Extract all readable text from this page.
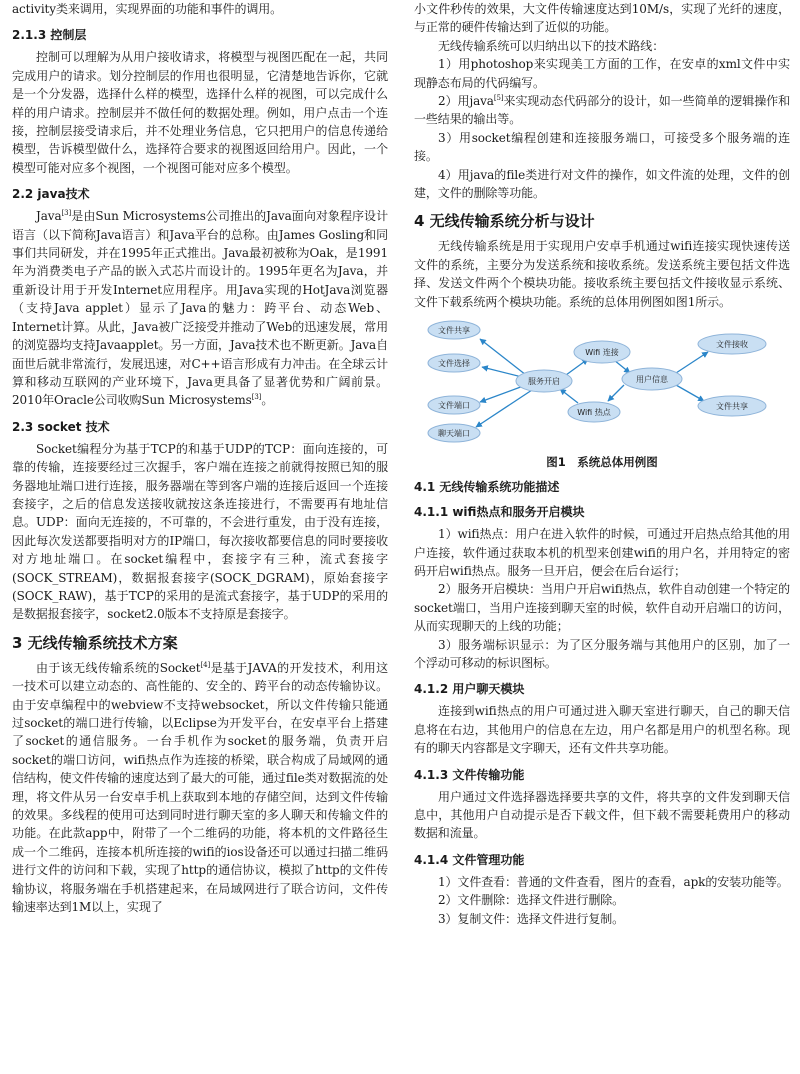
activity类来调用，实现界面的功能和事件的调用。

2.1.3 控制层

控制可以理解为从用户接收请求，将模型与视图匹配在一起，共同完成用户的请求。划分控制层的作用也很明显，它清楚地告诉你，它就是一个分发器，选择什么样的模型，选择什么样的视图，可以完成什么样的用户请求。控制层并不做任何的数据处理。例如，用户点击一个连接，控制层接受请求后，并不处理业务信息，它只把用户的信息传递给模型，告诉模型做什么，选择符合要求的视图返回给用户。因此，一个模型可能对应多个视图，一个视图可能对应多个模型。

2.2 java技术

Java[3]是由Sun Microsystems公司推出的Java面向对象程序设计语言（以下简称Java语言）和Java平台的总称。由James Gosling和同事们共同研发，并在1995年正式推出。Java最初被称为Oak，是1991年为消费类电子产品的嵌入式芯片而设计的。1995年更名为Java，并重新设计用于开发Internet应用程序。用Java实现的HotJava浏览器（支持Java applet）显示了Java的魅力：跨平台、动态Web、Internet计算。从此，Java被广泛接受并推动了Web的迅速发展，常用的浏览器均支持Javaapplet。另一方面，Java技术也不断更新。Java自面世后就非常流行，发展迅速，对C++语言形成有力冲击。在全球云计算和移动互联网的产业环境下，Java更具备了显著优势和广阔前景。2010年Oracle公司收购Sun Microsystems[3]。

2.3 socket 技术

Socket编程分为基于TCP的和基于UDP的TCP：面向连接的，可靠的传输，连接要经过三次握手，客户端在连接之前就得按照已知的服务器地址端口进行连接，服务器端在等到客户端的连接后返回一个连接套接字，之后的信息发送接收就按这条连接进行，不需要再有地址信息。UDP：面向无连接的，不可靠的，不会进行重发，由于没有连接，因此每次发送都要指明对方的IP端口，每次接收都要信息的同时要接收对方地址端口。在socket编程中，套接字有三种，流式套接字(SOCK_STREAM)，数据报套接字(SOCK_DGRAM)，原始套接字(SOCK_RAW)，基于TCP的采用的是流式套接字，基于UDP的采用的是数据报套接字，socket2.0版本不支持原是套接字。

3 无线传输系统技术方案

由于该无线传输系统的Socket[4]是基于JAVA的开发技术，利用这一技术可以建立动态的、高性能的、安全的、跨平台的动态传输协议。由于安卓编程中的webview不支持websocket，所以文件传输只能通过socket的端口进行传输，以Eclipse为开发平台，在安卓平台上搭建了socket的通信服务。一台手机作为socket的服务端，负责开启socket的端口访问，wifi热点作为连接的桥梁，联合构成了局域网的通信结构，使文件传输的速度达到了最大的可能，通过file类对数据流的处理，将文件从另一台安卓手机上获取到本地的存储空间，达到文件传输的效果。多线程的使用可达到同时进行聊天室的多人聊天和传输文件的功能。在此款app中，附带了一个二维码的功能，将本机的文件路径生成一个二维码，连接本机所连接的wifi的ios设备还可以通过扫描二维码进行文件的访问和下载，实现了http的通信协议，模拟了http的文件传输协议，将服务端在手机搭建起来，在局域网进行了联合访问，文件传输速率达到1M以上，实现了

小文件秒传的效果，大文件传输速度达到10M/s，实现了光纤的速度，与正常的硬件传输达到了近似的功能。

无线传输系统可以归纳出以下的技术路线：

1）用photoshop来实现美工方面的工作，在安卓的xml文件中实现静态布局的代码编写。

2）用java[5]来实现动态代码部分的设计，如一些简单的逻辑操作和一些结果的输出等。

3）用socket编程创建和连接服务端口，可接受多个服务端的连接。

4）用java的file类进行对文件的操作，如文件流的处理，文件的创建，文件的删除等功能。

4 无线传输系统分析与设计

无线传输系统是用于实现用户安卓手机通过wifi连接实现快速传送文件的系统，主要分为发送系统和接收系统。发送系统主要包括文件选择、发送文件两个个模块功能。接收系统主要包括文件接收显示系统、文件下载系统两个模块功能。系统的总体用例图如图1所示。

文件共享
文件选择
文件端口
聊天端口
服务开启
Wifi 连接
Wifi 热点
用户信息
文件接收
文件共享
图1　系统总体用例图
4.1 无线传输系统功能描述
4.1.1 wifi热点和服务开启模块

1）wifi热点：用户在进入软件的时候，可通过开启热点给其他的用户连接，软件通过获取本机的机型来创建wifi的用户名，并用特定的密码开启wifi热点。服务一旦开启，便会在后台运行；

2）服务开启模块：当用户开启wifi热点，软件自动创建一个特定的socket端口，当用户连接到聊天室的时候，软件自动开启端口的访问，从而实现聊天的上线的功能；

3）服务端标识显示：为了区分服务端与其他用户的区别，加了一个浮动可移动的标识图标。

4.1.2 用户聊天模块

连接到wifi热点的用户可通过进入聊天室进行聊天，自己的聊天信息将在右边，其他用户的信息在左边，用户名都是用户的机型名称。现有的聊天内容都是文字聊天，还有文件共享功能。

4.1.3 文件传输功能

用户通过文件选择器选择要共享的文件，将共享的文件发到聊天信息中，其他用户自动提示是否下载文件，但下载不需要耗费用户的移动数据和流量。

4.1.4 文件管理功能

1）文件查看：普通的文件查看，图片的查看，apk的安装功能等。

2）文件删除：选择文件进行删除。

3）复制文件：选择文件进行复制。
